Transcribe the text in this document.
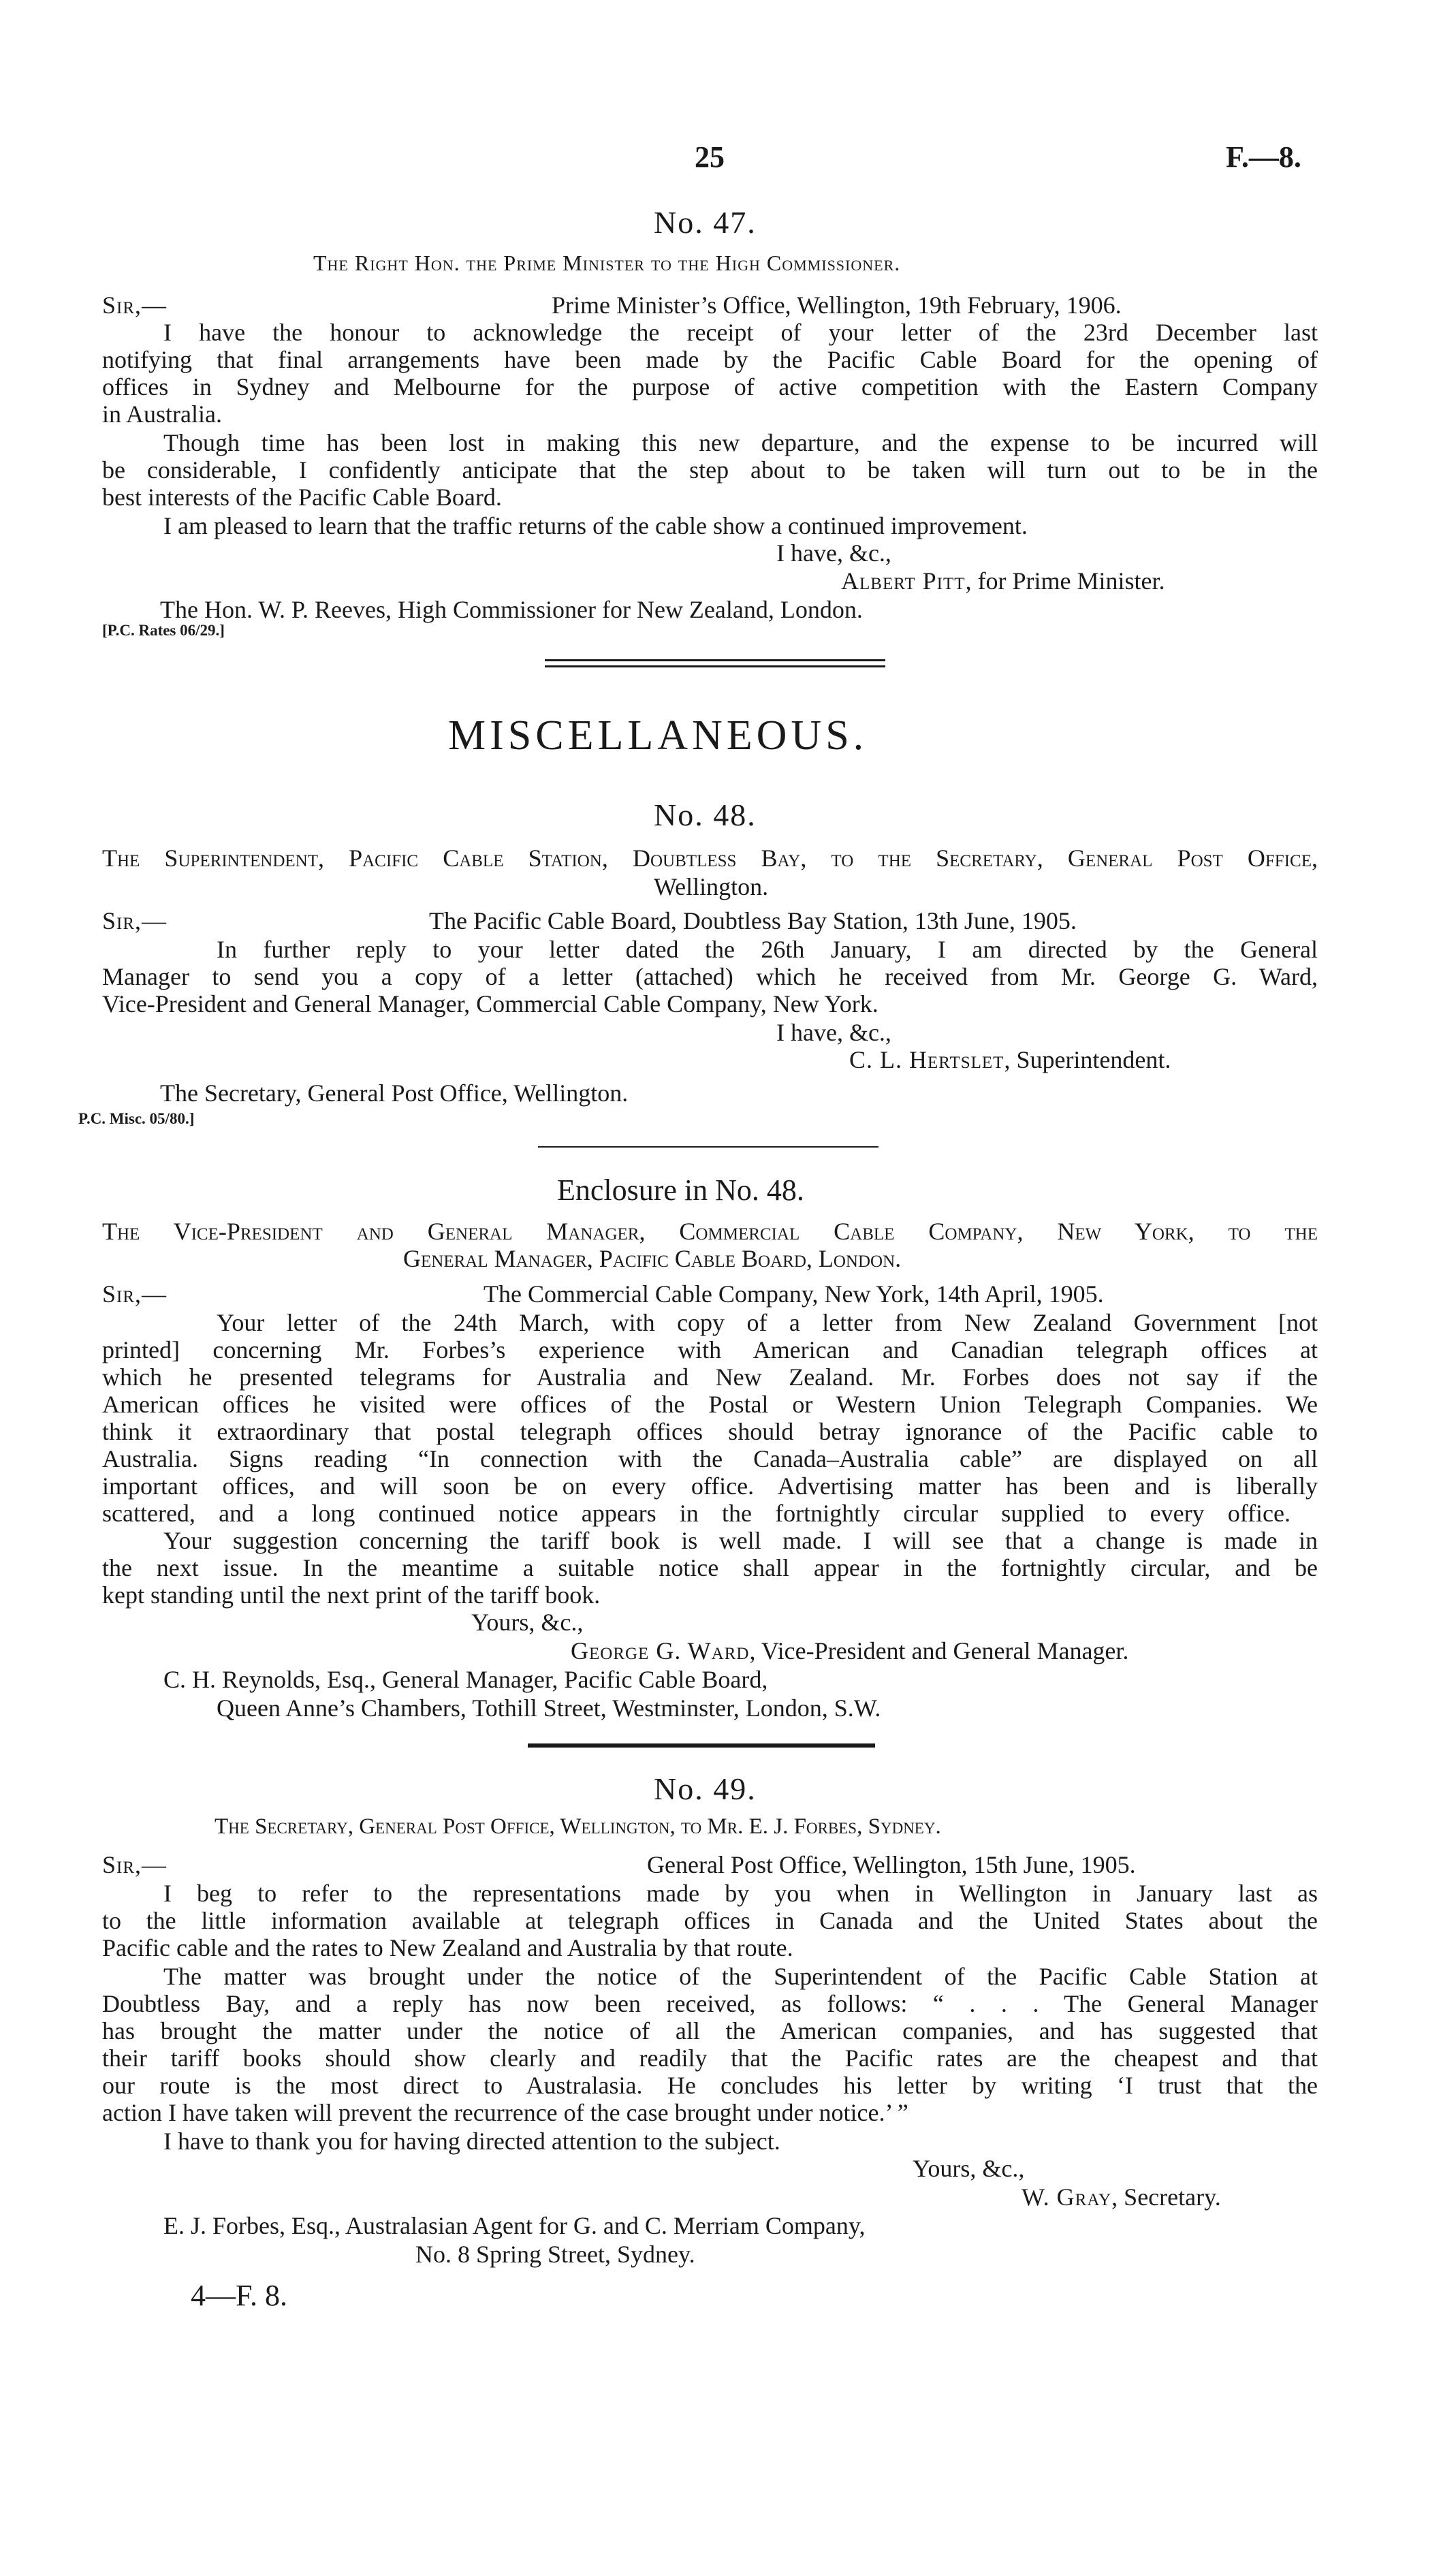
25	F.—8.
No. 47.
The Right Hon. the Prime Minister to the High Commissioner.
Sir,—	Prime Minister’s Office, Wellington, 19th February, 1906.
I have the honour to acknowledge the receipt of your letter of the 23rd December last
notifying that final arrangements have been made by the Pacific Cable Board for the opening of
offices in Sydney and Melbourne for the purpose of active competition with the Eastern Company
in Australia.
Though time has been lost in making this new departure, and the expense to be incurred will
be considerable, I confidently anticipate that the step about to be taken will turn out to be in the
best interests of the Pacific Cable Board.
I am pleased to learn that the traffic returns of the cable show a continued improvement.
I have, &c.,
Albert Pitt, for Prime Minister.
The Hon. W. P. Reeves, High Commissioner for New Zealand, London.
[P.C. Rates 06/29.]
MISCELLANEOUS.
No. 48.
The Superintendent, Pacific Cable Station, Doubtless Bay, to the Secretary, General Post Office,
Wellington.
Sir,—	The Pacific Cable Board, Doubtless Bay Station, 13th June, 1905.
In further reply to your letter dated the 26th January, I am directed by the General
Manager to send you a copy of a letter (attached) which he received from Mr. George G. Ward,
Vice-President and General Manager, Commercial Cable Company, New York.
I have, &c.,
C. L. Hertslet, Superintendent.
The Secretary, General Post Office, Wellington.
P.C. Misc. 05/80.]
Enclosure in No. 48.
The Vice-President and General Manager, Commercial Cable Company, New York, to the
General Manager, Pacific Cable Board, London.
Sir,—	The Commercial Cable Company, New York, 14th April, 1905.
Your letter of the 24th March, with copy of a letter from New Zealand Government [not
printed] concerning Mr. Forbes’s experience with American and Canadian telegraph offices at
which he presented telegrams for Australia and New Zealand. Mr. Forbes does not say if the
American offices he visited were offices of the Postal or Western Union Telegraph Companies. We
think it extraordinary that postal telegraph offices should betray ignorance of the Pacific cable to
Australia. Signs reading “In connection with the Canada–Australia cable” are displayed on all
important offices, and will soon be on every office. Advertising matter has been and is liberally
scattered, and a long continued notice appears in the fortnightly circular supplied to every office.
Your suggestion concerning the tariff book is well made. I will see that a change is made in
the next issue. In the meantime a suitable notice shall appear in the fortnightly circular, and be
kept standing until the next print of the tariff book.
Yours, &c.,
George G. Ward, Vice-President and General Manager.
C. H. Reynolds, Esq., General Manager, Pacific Cable Board,
Queen Anne’s Chambers, Tothill Street, Westminster, London, S.W.
No. 49.
The Secretary, General Post Office, Wellington, to Mr. E. J. Forbes, Sydney.
Sir,—	General Post Office, Wellington, 15th June, 1905.
I beg to refer to the representations made by you when in Wellington in January last as
to the little information available at telegraph offices in Canada and the United States about the
Pacific cable and the rates to New Zealand and Australia by that route.
The matter was brought under the notice of the Superintendent of the Pacific Cable Station at
Doubtless Bay, and a reply has now been received, as follows: “ . . . The General Manager
has brought the matter under the notice of all the American companies, and has suggested that
their tariff books should show clearly and readily that the Pacific rates are the cheapest and that
our route is the most direct to Australasia. He concludes his letter by writing ‘I trust that the
action I have taken will prevent the recurrence of the case brought under notice.’ ”
I have to thank you for having directed attention to the subject.
Yours, &c.,
W. Gray, Secretary.
E. J. Forbes, Esq., Australasian Agent for G. and C. Merriam Company,
No. 8 Spring Street, Sydney.
4—F. 8.
